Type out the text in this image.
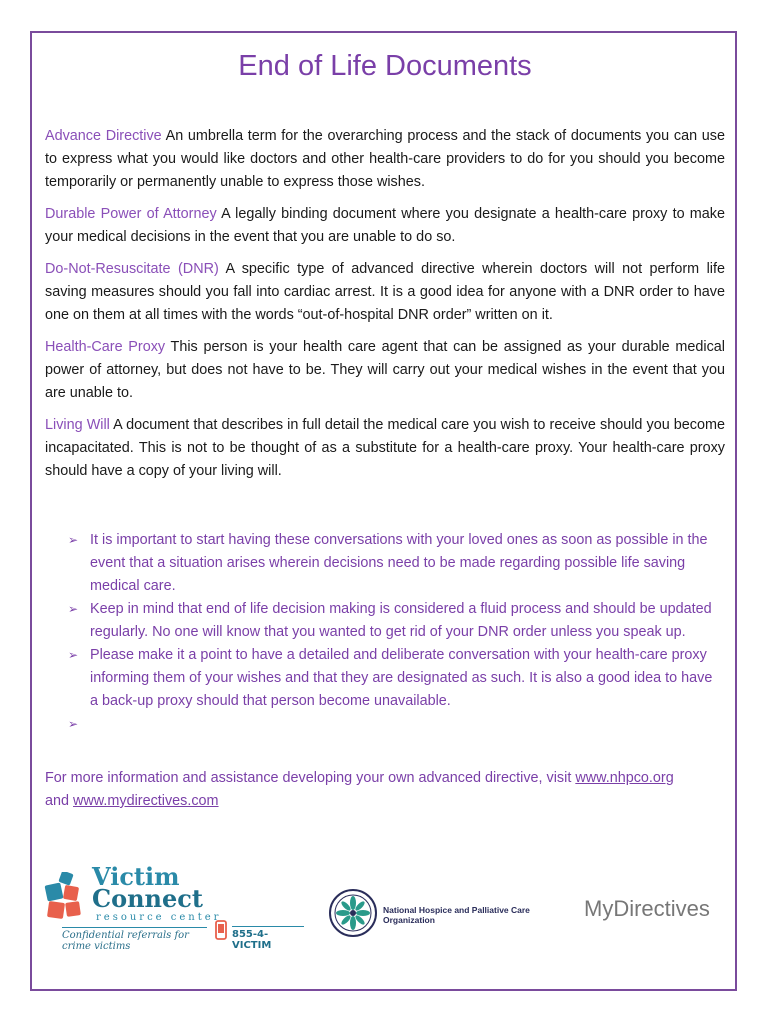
End of Life Documents

Advance Directive An umbrella term for the overarching process and the stack of documents you can use to express what you would like doctors and other health-care providers to do for you should you become temporarily or permanently unable to express those wishes.

Durable Power of Attorney A legally binding document where you designate a health-care proxy to make your medical decisions in the event that you are unable to do so.

Do-Not-Resuscitate (DNR) A specific type of advanced directive wherein doctors will not perform life saving measures should you fall into cardiac arrest. It is a good idea for anyone with a DNR order to have one on them at all times with the words “out-of-hospital DNR order” written on it.

Health-Care Proxy This person is your health care agent that can be assigned as your durable medical power of attorney, but does not have to be. They will carry out your medical wishes in the event that you are unable to.

Living Will A document that describes in full detail the medical care you wish to receive should you become incapacitated. This is not to be thought of as a substitute for a health-care proxy. Your health-care proxy should have a copy of your living will.

➢ It is important to start having these conversations with your loved ones as soon as possible in the event that a situation arises wherein decisions need to be made regarding possible life saving medical care.
➢ Keep in mind that end of life decision making is considered a fluid process and should be updated regularly. No one will know that you wanted to get rid of your DNR order unless you speak up.
➢ Please make it a point to have a detailed and deliberate conversation with your health-care proxy informing them of your wishes and that they are designated as such. It is also a good idea to have a back-up proxy should that person become unavailable.
➢

For more information and assistance developing your own advanced directive, visit www.nhpco.org
and www.mydirectives.com

Victim
Connect
resource center
Confidential referrals for crime victims
855-4-VICTIM
National Hospice and Palliative Care Organization	MyDirectives
